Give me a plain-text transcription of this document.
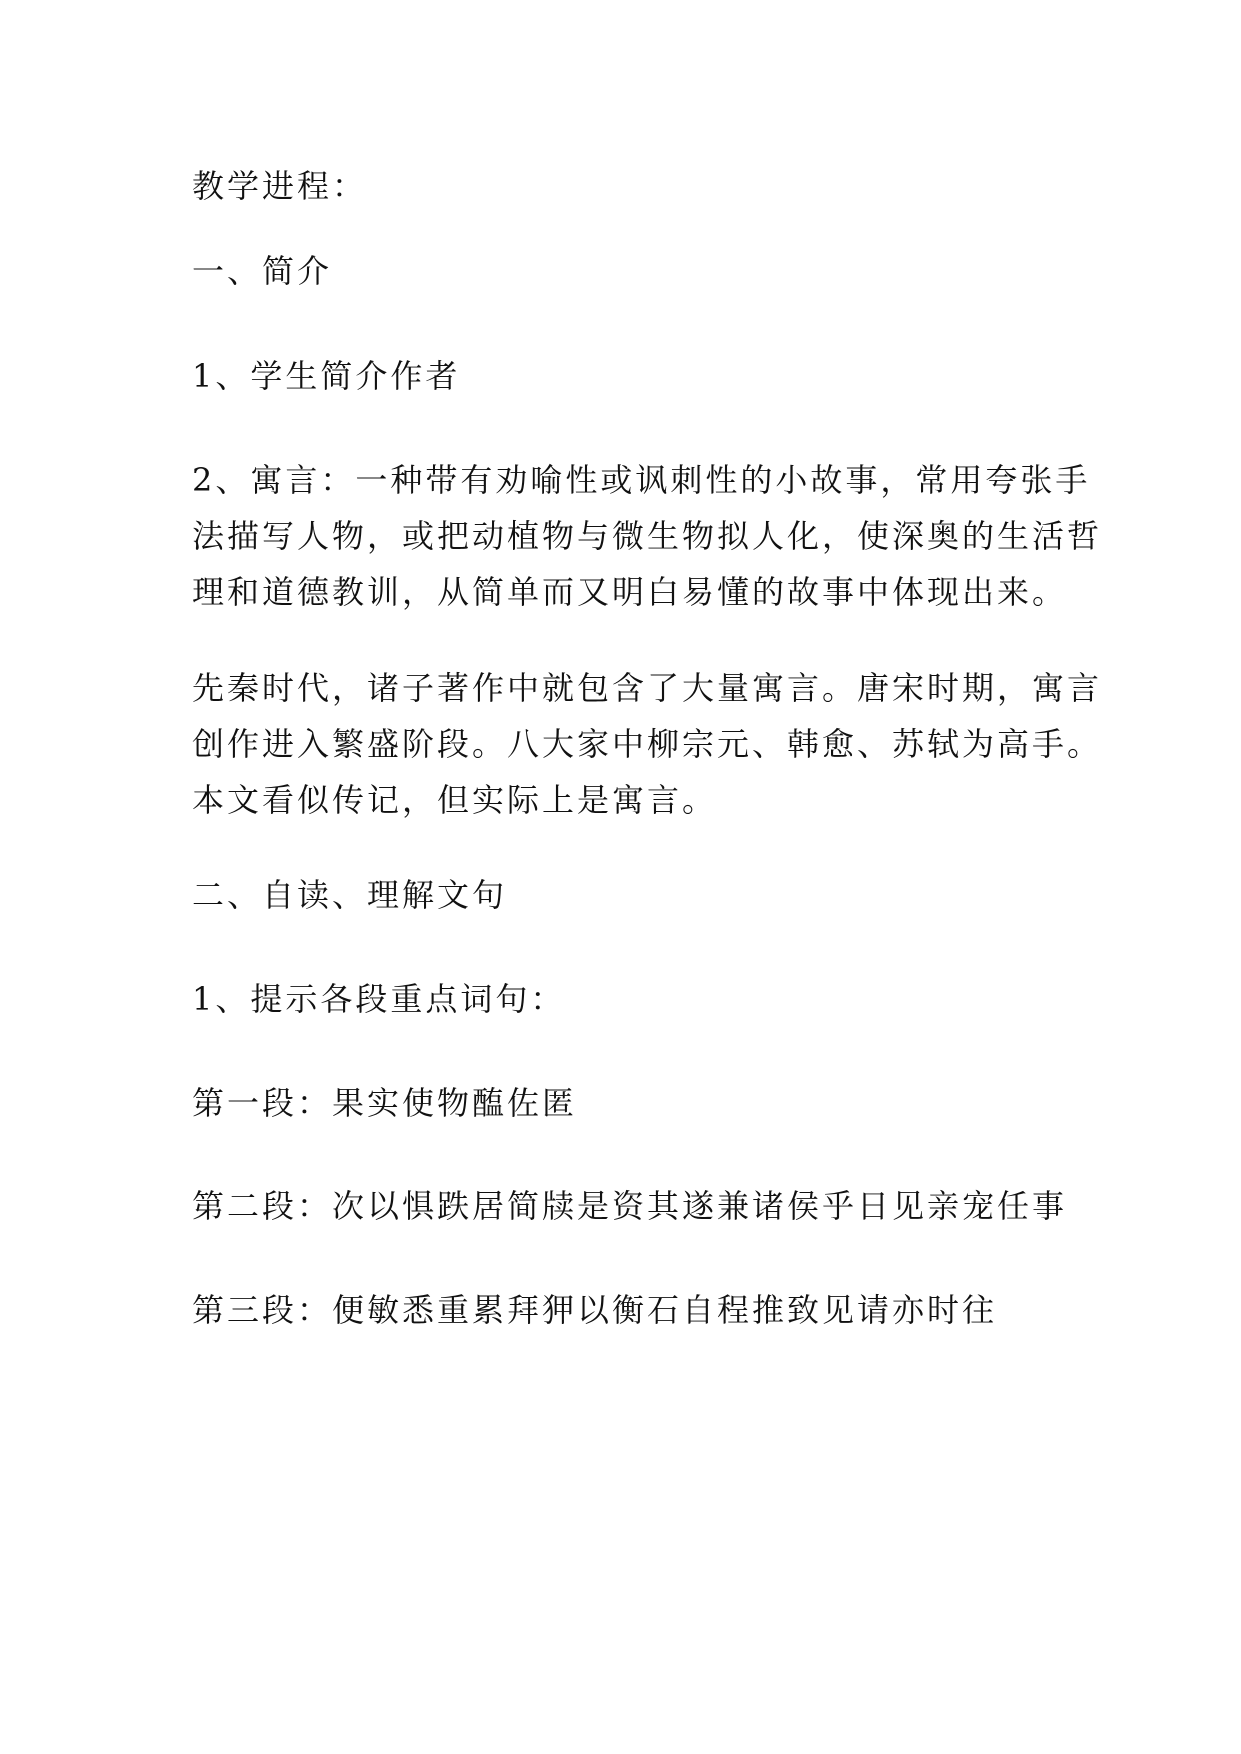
教学进程：

一、简介

1、学生简介作者

2、寓言：一种带有劝喻性或讽刺性的小故事，常用夸张手
法描写人物，或把动植物与微生物拟人化，使深奥的生活哲
理和道德教训，从简单而又明白易懂的故事中体现出来。

先秦时代，诸子著作中就包含了大量寓言。唐宋时期，寓言
创作进入繁盛阶段。八大家中柳宗元、韩愈、苏轼为高手。
本文看似传记，但实际上是寓言。

二、自读、理解文句

1、提示各段重点词句：

第一段：果实使物醢佐匿

第二段：次以惧跌居简牍是资其遂兼诸侯乎日见亲宠任事

第三段：便敏悉重累拜狎以衡石自程推致见请亦时往
